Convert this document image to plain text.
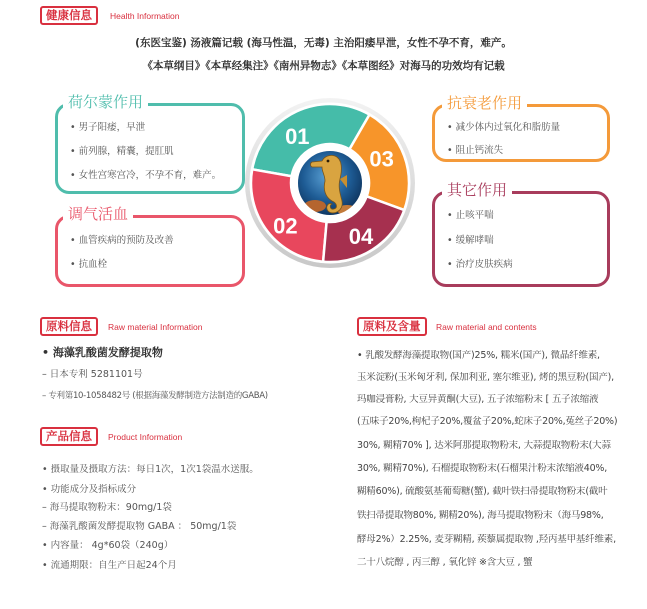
健康信息	Health Information
(东医宝鉴) 汤液篇记载 (海马性温，无毒) 主治阳痿早泄，女性不孕不育，难产。
《本草纲目》《本草经集注》《南州异物志》《本草图经》对海马的功效均有记载
荷尔蒙作用
• 男子阳痿，早泄
• 前列腺，精囊，提肛肌
• 女性宫寒宫冷，不孕不育，难产。
调气活血
• 血管疾病的预防及改善
• 抗血栓
抗衰老作用
• 减少体内过氧化和脂肪量
• 阻止钙流失
其它作用
• 止咳平喘
• 缓解哮喘
• 治疗皮肤疾病
01
02
03
04
原料信息	Raw material Information
• 海藻乳酸菌发酵提取物
– 日本专利 5281101号
– 专利第10-1058482号 (根据海藻发酵制造方法制造的GABA)
产品信息	Product Information
• 摄取量及摄取方法：每日1次，1次1袋温水送服。
• 功能成分及指标成分
– 海马提取物粉末：90mg/1袋
– 海藻乳酸菌发酵提取物 GABA ： 50mg/1袋
• 内容量： 4g*60袋（240g）
• 流通期限：自生产日起24个月
原料及含量	Raw material and contents
• 乳酸发酵海藻提取物(国产)25%, 糯米(国产), 微晶纤维素,
玉米淀粉(玉米匈牙利, 保加利亚, 塞尔维亚), 烤的黑豆粉(国产),
玛咖浸膏粉, 大豆异黄酮(大豆), 五子浓缩粉末 [ 五子浓缩液
(五味子20%,枸杞子20%,覆盆子20%,蛇床子20%,菟丝子20%)
30%, 糊精70% ], 达米阿那提取物粉末, 大蒜提取物粉末(大蒜
30%, 糊精70%), 石榴提取物粉末(石榴果汁粉末浓缩液40%,
糊精60%), 硫酸氨基葡萄糖(蟹), 截叶铁扫帚提取物粉末(截叶
铁扫帚提取物80%, 糊精20%), 海马提取物粉末（海马98%,
酵母2%）2.25%, 麦芽糊精, 蒺藜属提取物 ,羟丙基甲基纤维素,
二十八烷醇 , 丙三醇 , 氧化锌 ※含大豆 , 蟹
